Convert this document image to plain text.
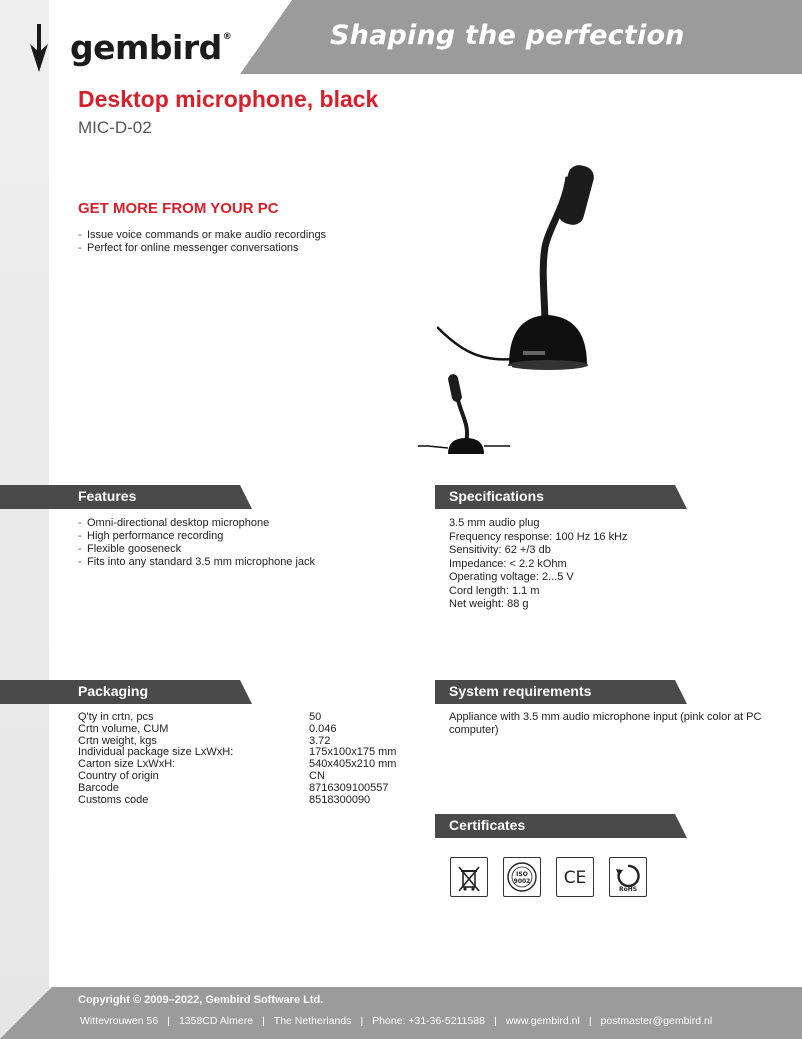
gembird®	Shaping the perfection
Desktop microphone, black
MIC-D-02
GET MORE FROM YOUR PC
- Issue voice commands or make audio recordings
- Perfect for online messenger conversations
Features
- Omni-directional desktop microphone
- High performance recording
- Flexible gooseneck
- Fits into any standard 3.5 mm microphone jack
Specifications
3.5 mm audio plug
Frequency response: 100 Hz 16 kHz
Sensitivity: 62 +/3 db
Impedance: < 2.2 kOhm
Operating voltage: 2...5 V
Cord length: 1.1 m
Net weight: 88 g
Packaging
Q'ty in crtn, pcs	50
Crtn volume, CUM	0.046
Crtn weight, kgs	3.72
Individual package size LxWxH:	175x100x175 mm
Carton size LxWxH:	540x405x210 mm
Country of origin	CN
Barcode	8716309100557
Customs code	8518300090
System requirements
Appliance with 3.5 mm audio microphone input (pink color at PC computer)
Certificates
ISO
9002 CE
RoHS
Copyright © 2009–2022, Gembird Software Ltd.
Wittevrouwen 56 | 1358CD Almere | The Netherlands | Phone: +31-36-5211588 | www.gembird.nl | postmaster@gembird.nl
